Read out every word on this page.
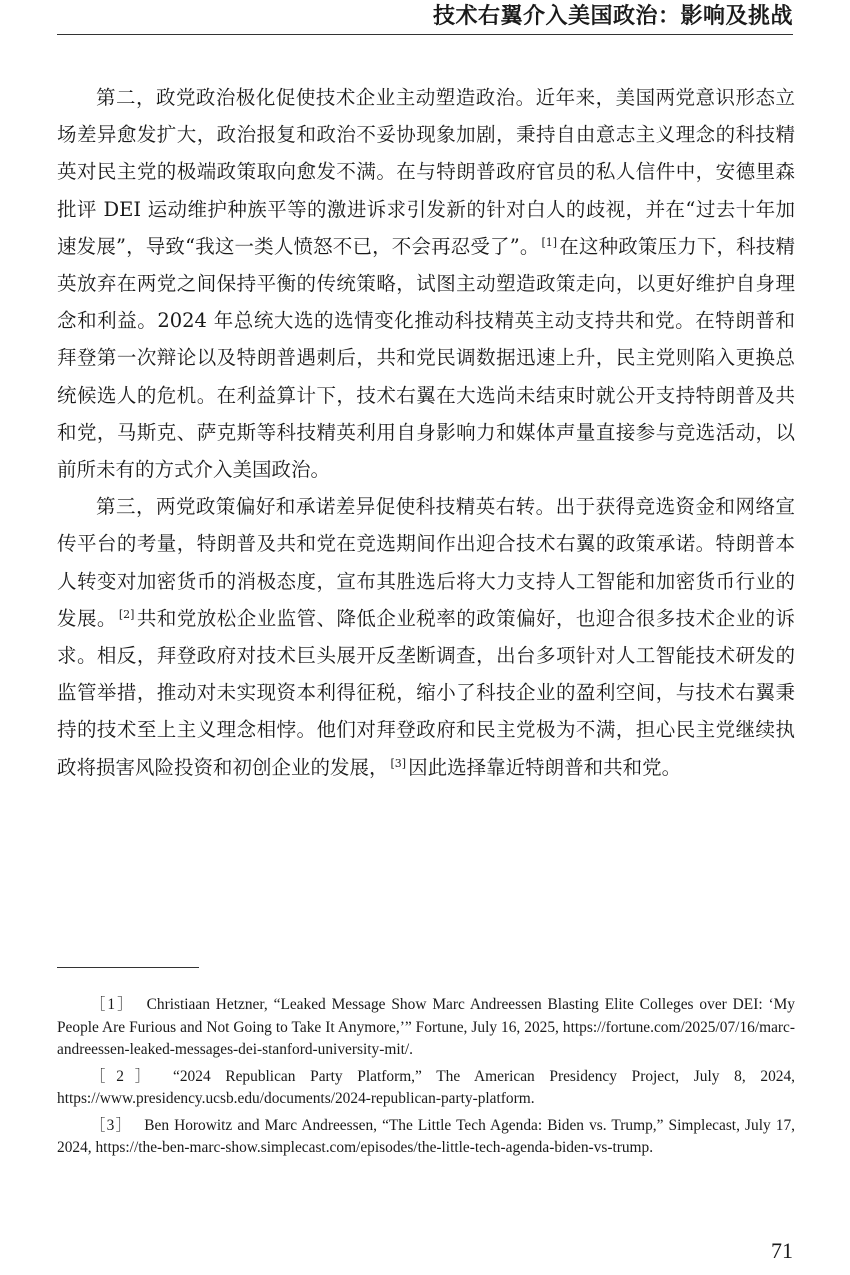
技术右翼介入美国政治：影响及挑战

第二，政党政治极化促使技术企业主动塑造政治。近年来，美国两党意识形态立场差异愈发扩大，政治报复和政治不妥协现象加剧，秉持自由意志主义理念的科技精英对民主党的极端政策取向愈发不满。在与特朗普政府官员的私人信件中，安德里森批评 DEI 运动维护种族平等的激进诉求引发新的针对白人的歧视，并在“过去十年加速发展”，导致“我这一类人愤怒不已，不会再忍受了”。 [1] 在这种政策压力下，科技精英放弃在两党之间保持平衡的传统策略，试图主动塑造政策走向，以更好维护自身理念和利益。2024 年总统大选的选情变化推动科技精英主动支持共和党。在特朗普和拜登第一次辩论以及特朗普遇刺后，共和党民调数据迅速上升，民主党则陷入更换总统候选人的危机。在利益算计下，技术右翼在大选尚未结束时就公开支持特朗普及共和党，马斯克、萨克斯等科技精英利用自身影响力和媒体声量直接参与竞选活动，以前所未有的方式介入美国政治。

第三，两党政策偏好和承诺差异促使科技精英右转。出于获得竞选资金和网络宣传平台的考量，特朗普及共和党在竞选期间作出迎合技术右翼的政策承诺。特朗普本人转变对加密货币的消极态度，宣布其胜选后将大力支持人工智能和加密货币行业的发展。 [2] 共和党放松企业监管、降低企业税率的政策偏好，也迎合很多技术企业的诉求。相反，拜登政府对技术巨头展开反垄断调查，出台多项针对人工智能技术研发的监管举措，推动对未实现资本利得征税，缩小了科技企业的盈利空间，与技术右翼秉持的技术至上主义理念相悖。他们对拜登政府和民主党极为不满，担心民主党继续执政将损害风险投资和初创企业的发展， [3] 因此选择靠近特朗普和共和党。

［1］ Christiaan Hetzner, “Leaked Message Show Marc Andreessen Blasting Elite Colleges over DEI: ‘My People Are Furious and Not Going to Take It Anymore,’” Fortune, July 16, 2025, https://fortune.com/2025/07/16/marc-andreessen-leaked-messages-dei-stanford-university-mit/.

［2］ “2024 Republican Party Platform,” The American Presidency Project, July 8, 2024, https://www.presidency.ucsb.edu/documents/2024-republican-party-platform.

［3］ Ben Horowitz and Marc Andreessen, “The Little Tech Agenda: Biden vs. Trump,” Simplecast, July 17, 2024, https://the-ben-marc-show.simplecast.com/episodes/the-little-tech-agenda-biden-vs-trump.

71
